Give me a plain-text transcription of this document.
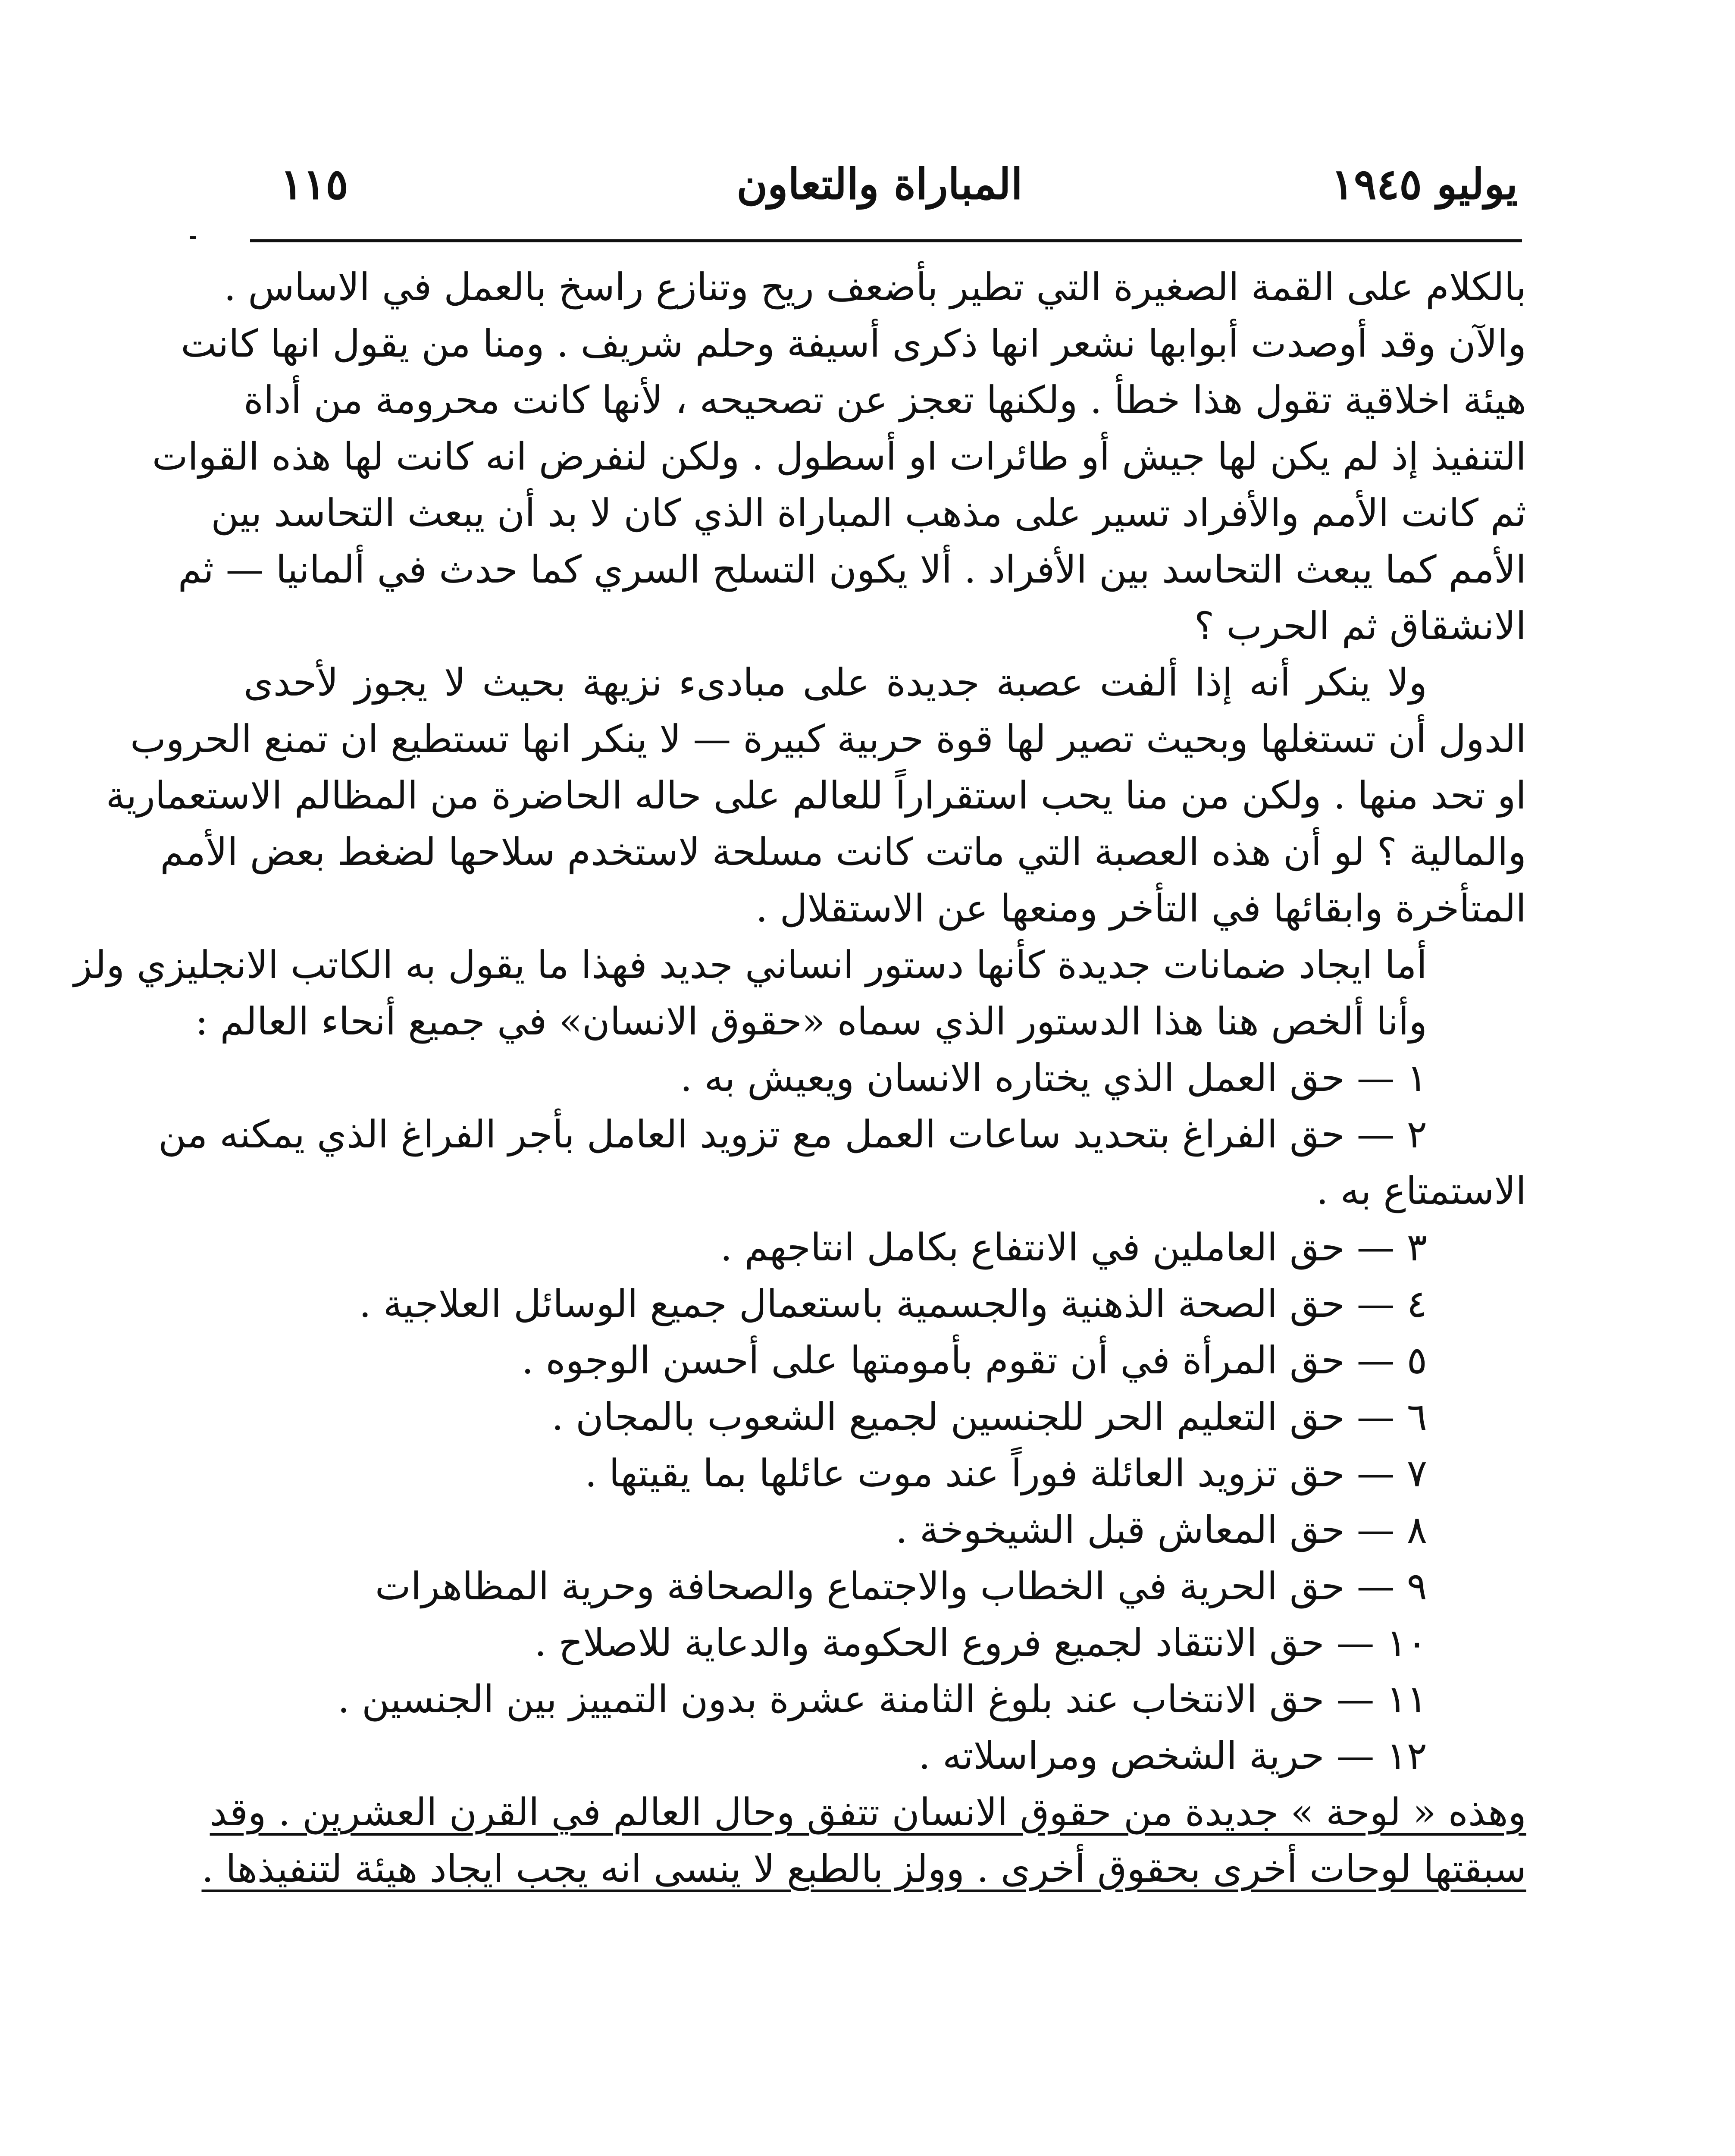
يوليو ١٩٤٥
المباراة والتعاون
١١٥
بالكلام على القمة الصغيرة التي تطير بأضعف ريح وتنازع راسخ بالعمل في الاساس .
والآن وقد أوصدت أبوابها نشعر انها ذكرى أسيفة وحلم شريف . ومنا من يقول انها كانت
هيئة اخلاقية تقول هذا خطأ . ولكنها تعجز عن تصحيحه ، لأنها كانت محرومة من أداة
التنفيذ إذ لم يكن لها جيش أو طائرات او أسطول . ولكن لنفرض انه كانت لها هذه القوات
ثم كانت الأمم والأفراد تسير على مذهب المباراة الذي كان لا بد أن يبعث التحاسد بين
الأمم كما يبعث التحاسد بين الأفراد . ألا يكون التسلح السري كما حدث في ألمانيا — ثم
الانشقاق ثم الحرب ؟
ولا ينكر أنه إذا ألفت عصبة جديدة على مبادىء نزيهة بحيث لا يجوز لأحدى
الدول أن تستغلها وبحيث تصير لها قوة حربية كبيرة — لا ينكر انها تستطيع ان تمنع الحروب
او تحد منها . ولكن من منا يحب استقراراً للعالم على حاله الحاضرة من المظالم الاستعمارية
والمالية ؟ لو أن هذه العصبة التي ماتت كانت مسلحة لاستخدم سلاحها لضغط بعض الأمم
المتأخرة وابقائها في التأخر ومنعها عن الاستقلال .
أما ايجاد ضمانات جديدة كأنها دستور انساني جديد فهذا ما يقول به الكاتب الانجليزي ولز
وأنا ألخص هنا هذا الدستور الذي سماه «حقوق الانسان» في جميع أنحاء العالم :
١ — حق العمل الذي يختاره الانسان ويعيش به .
٢ — حق الفراغ بتحديد ساعات العمل مع تزويد العامل بأجر الفراغ الذي يمكنه من
الاستمتاع به .
٣ — حق العاملين في الانتفاع بكامل انتاجهم .
٤ — حق الصحة الذهنية والجسمية باستعمال جميع الوسائل العلاجية .
٥ — حق المرأة في أن تقوم بأمومتها على أحسن الوجوه .
٦ — حق التعليم الحر للجنسين لجميع الشعوب بالمجان .
٧ — حق تزويد العائلة فوراً عند موت عائلها بما يقيتها .
٨ — حق المعاش قبل الشيخوخة .
٩ — حق الحرية في الخطاب والاجتماع والصحافة وحرية المظاهرات
١٠ — حق الانتقاد لجميع فروع الحكومة والدعاية للاصلاح .
١١ — حق الانتخاب عند بلوغ الثامنة عشرة بدون التمييز بين الجنسين .
١٢ — حرية الشخص ومراسلاته .
وهذه « لوحة » جديدة من حقوق الانسان تتفق وحال العالم في القرن العشرين . وقد
سبقتها لوحات أخرى بحقوق أخرى . وولز بالطبع لا ينسى انه يجب ايجاد هيئة لتنفيذها .
